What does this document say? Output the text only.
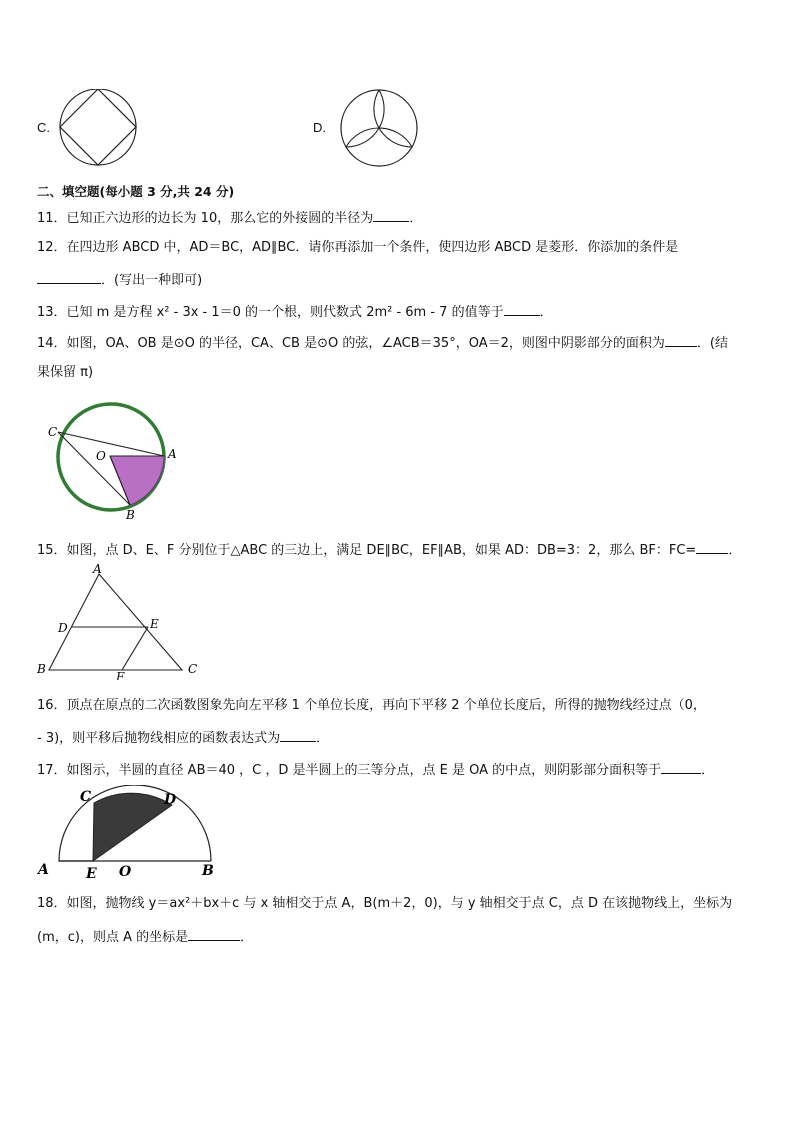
C.	D.
二、填空题(每小题 3 分,共 24 分)
11．已知正六边形的边长为 10，那么它的外接圆的半径为	．
12．在四边形 ABCD 中，AD＝BC，AD∥BC．请你再添加一个条件，使四边形 ABCD 是菱形．你添加的条件是
．(写出一种即可)
13．已知 m 是方程 x² - 3x - 1＝0 的一个根，则代数式 2m² - 6m - 7 的值等于	．
14．如图，OA、OB 是⊙O 的半径，CA、CB 是⊙O 的弦，∠ACB＝35°，OA＝2，则图中阴影部分的面积为 ．(结
果保留 π)
C
O	A
B
15．如图，点 D、E、F 分别位于△ABC 的三边上，满足 DE∥BC，EF∥AB，如果 AD：DB=3：2，那么 BF：FC= ．
A
D	E
B
F
C
16．顶点在原点的二次函数图象先向左平移 1 个单位长度，再向下平移 2 个单位长度后，所得的抛物线经过点（0，
- 3)，则平移后抛物线相应的函数表达式为	．
17．如图示，半圆的直径 AB＝40 ，C ，D 是半圆上的三等分点，点 E 是 OA 的中点，则阴影部分面积等于	．
C	D
A	E O	B
18．如图，抛物线 y＝ax²＋bx＋c 与 x 轴相交于点 A，B(m＋2，0)，与 y 轴相交于点 C，点 D 在该抛物线上，坐标为
(m，c)，则点 A 的坐标是	．
